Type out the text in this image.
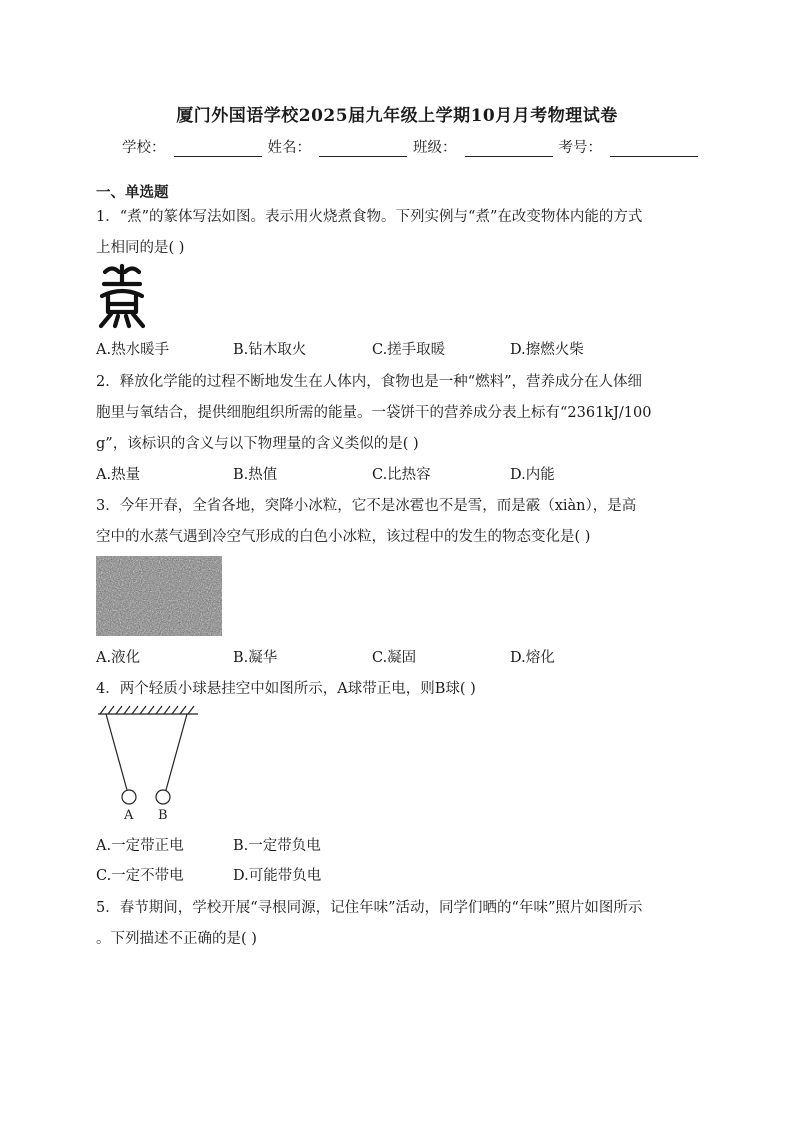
厦门外国语学校2025届九年级上学期10月月考物理试卷
学校：	姓名：	班级：	考号：
一、单选题
1．“煮”的篆体写法如图。表示用火烧煮食物。下列实例与“煮”在改变物体内能的方式
上相同的是( )
A.热水暖手	B.钻木取火	C.搓手取暖	D.擦燃火柴
2．释放化学能的过程不断地发生在人体内，食物也是一种“燃料”，营养成分在人体细
胞里与氧结合，提供细胞组织所需的能量。一袋饼干的营养成分表上标有“2361kJ/100
g”，该标识的含义与以下物理量的含义类似的是( )
A.热量	B.热值	C.比热容	D.内能
3．今年开春，全省各地，突降小冰粒，它不是冰雹也不是雪，而是霰（xiàn），是高
空中的水蒸气遇到冷空气形成的白色小冰粒，该过程中的发生的物态变化是( )
A.液化	B.凝华	C.凝固	D.熔化
4．两个轻质小球悬挂空中如图所示，A球带正电，则B球( )
A B
A.一定带正电	B.一定带负电
C.一定不带电	D.可能带负电
5．春节期间，学校开展“寻根同源，记住年味”活动，同学们晒的“年味”照片如图所示
。下列描述不正确的是( )
